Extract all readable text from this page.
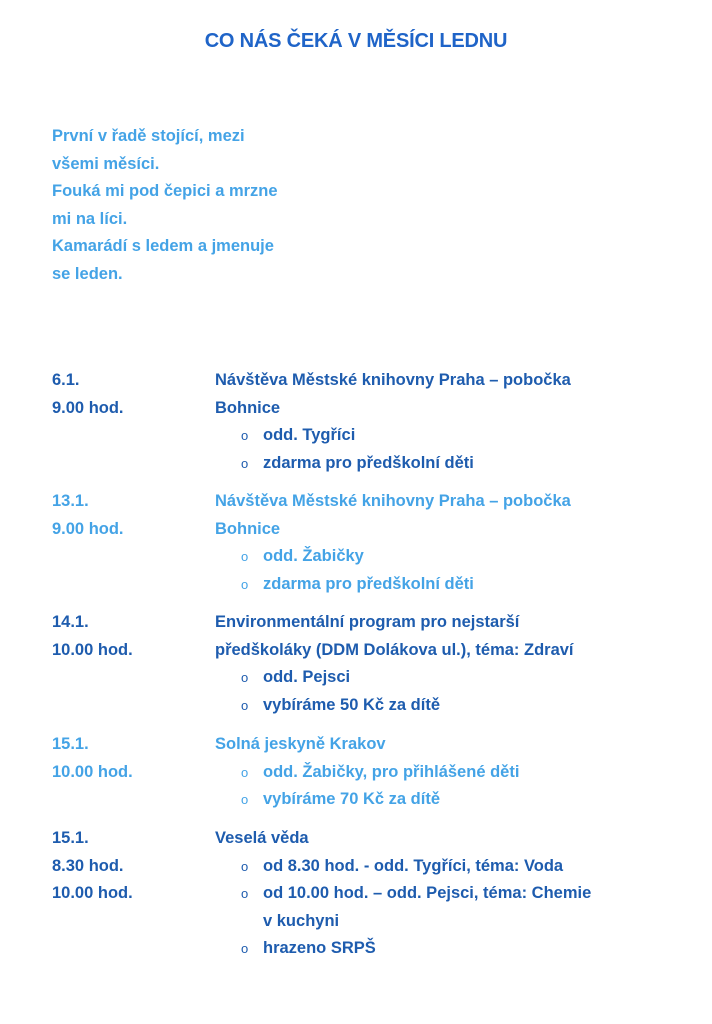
CO NÁS ČEKÁ V MĚSÍCI LEDNU
První v řadě stojící, mezi
všemi měsíci.
Fouká mi pod čepici a mrzne
mi na líci.
Kamarádí s ledem a jmenuje
se leden.
6.1.
9.00 hod.
Návštěva Městské knihovny Praha – pobočka
Bohnice
o odd. Tygříci
o zdarma pro předškolní děti
13.1.
9.00 hod.
Návštěva Městské knihovny Praha – pobočka
Bohnice
o odd. Žabičky
o zdarma pro předškolní děti
14.1.
10.00 hod.
Environmentální program pro nejstarší
předškoláky (DDM Dolákova ul.), téma: Zdraví
o odd. Pejsci
o vybíráme 50 Kč za dítě
15.1.
10.00 hod.
Solná jeskyně Krakov
o odd. Žabičky, pro přihlášené děti
o vybíráme 70 Kč za dítě
15.1.
8.30 hod.
10.00 hod.
Veselá věda
o od 8.30 hod. - odd. Tygříci, téma: Voda
o od 10.00 hod. – odd. Pejsci, téma: Chemie
v kuchyni
o hrazeno SRPŠ
